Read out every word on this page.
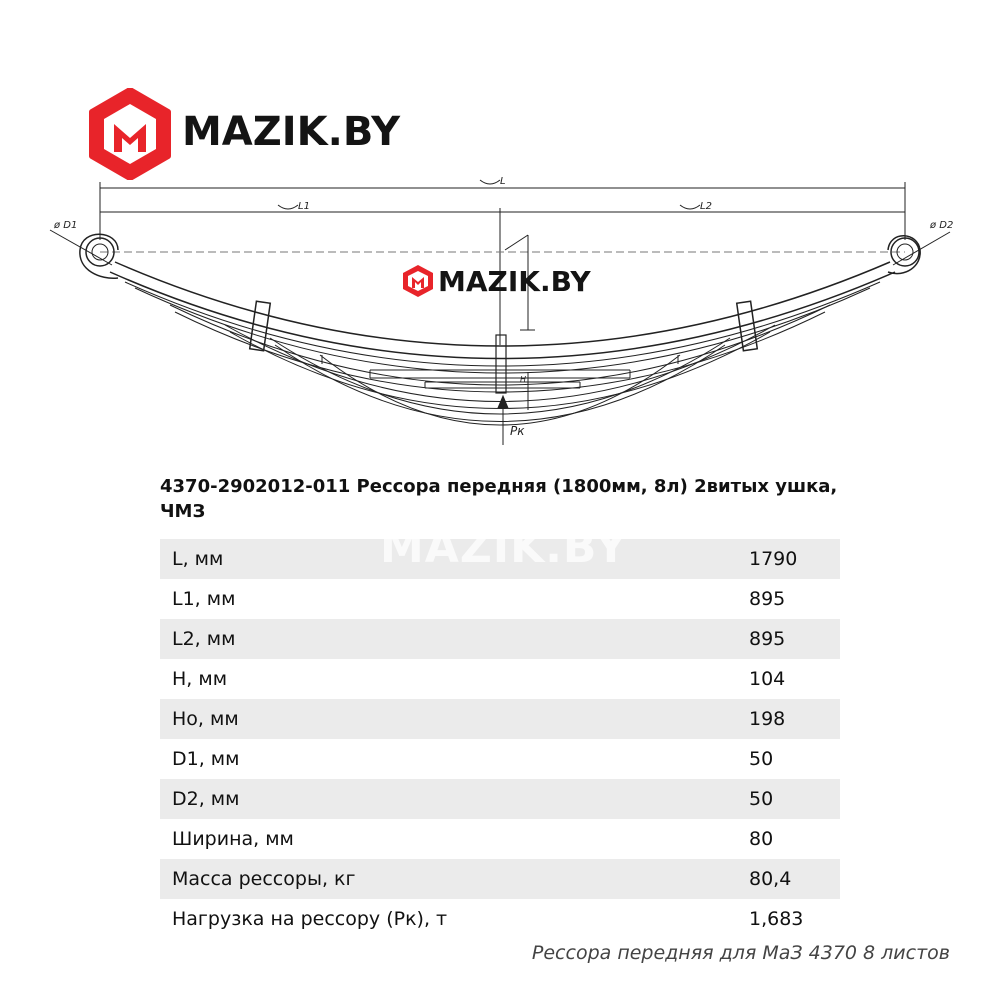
MAZIK.BY
L
L1	L2
ø D1	ø D2
Pк
H
MAZIK.BY
4370-2902012-011 Рессора передняя (1800мм, 8л) 2витых ушка, ЧМЗ
L, мм	1790
L1, мм	895
L2, мм	895
H, мм	104
Ho, мм	198
D1, мм	50
D2, мм	50
Ширина, мм	80
Масса рессоры, кг	80,4
Нагрузка на рессору (Рк), т	1,683
MAZIK.BY
Рессора передняя для МаЗ 4370 8 листов
